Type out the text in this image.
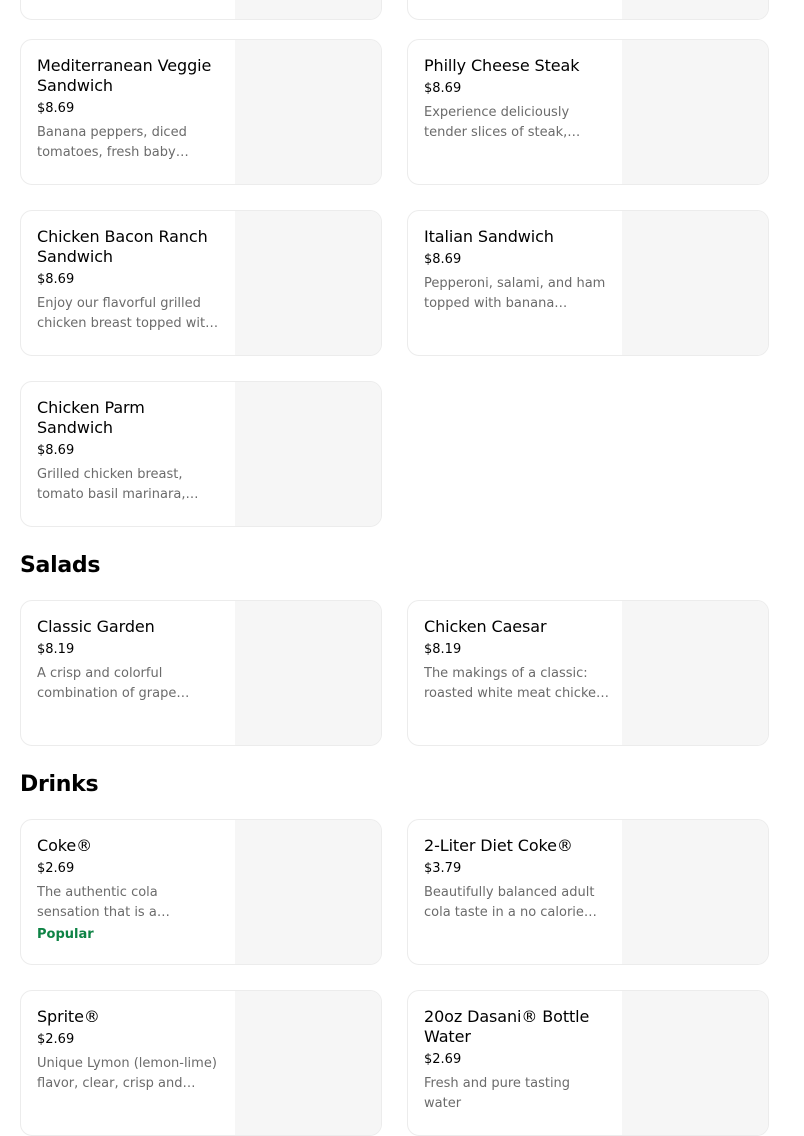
Mediterranean Veggie Sandwich
$8.69
Banana peppers, diced tomatoes, fresh baby
Philly Cheese Steak
$8.69
Experience deliciously tender slices of steak,
Chicken Bacon Ranch Sandwich
$8.69
Enjoy our flavorful grilled chicken breast topped with
Italian Sandwich
$8.69
Pepperoni, salami, and ham topped with banana
Chicken Parm Sandwich
$8.69
Grilled chicken breast, tomato basil marinara,
Salads
Classic Garden
$8.19
A crisp and colorful combination of grape
Chicken Caesar
$8.19
The makings of a classic: roasted white meat chicken
Drinks
Coke®
$2.69
The authentic cola sensation that is a
Popular
2-Liter Diet Coke®
$3.79
Beautifully balanced adult cola taste in a no calorie
Sprite®
$2.69
Unique Lymon (lemon-lime) flavor, clear, crisp and
20oz Dasani® Bottle Water
$2.69
Fresh and pure tasting water
